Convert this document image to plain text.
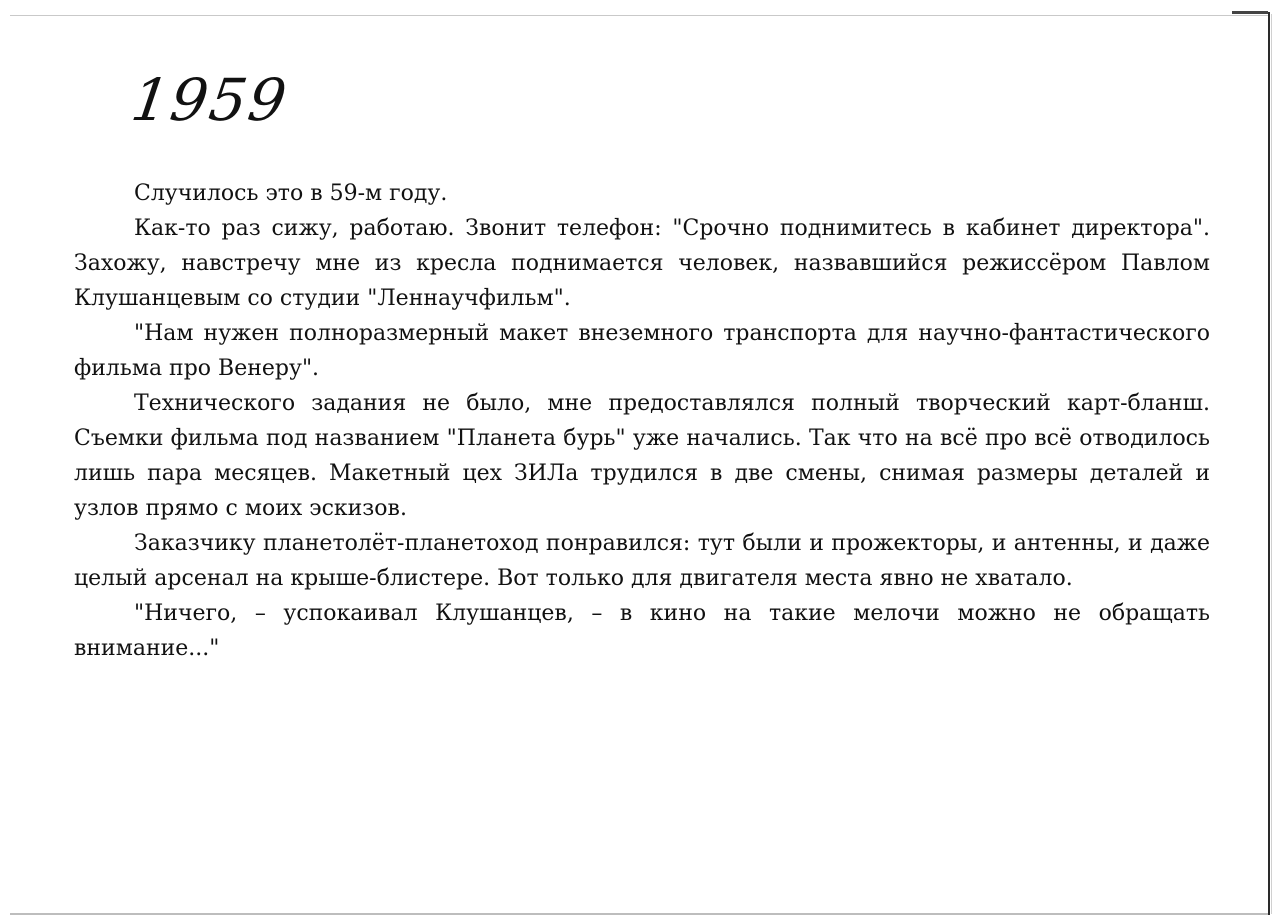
1959

Случилось это в 59-м году.

Как-то раз сижу, работаю. Звонит телефон: "Срочно поднимитесь в кабинет директора". Захожу, навстречу мне из кресла поднимается человек, назвавшийся режиссёром Павлом Клушанцевым со студии "Леннаучфильм".

"Нам нужен полноразмерный макет внеземного транспорта для научно-фантастического фильма про Венеру".

Технического задания не было, мне предоставлялся полный творческий карт-бланш. Съемки фильма под названием "Планета бурь" уже начались. Так что на всё про всё отводилось лишь пара месяцев. Макетный цех ЗИЛа трудился в две смены, снимая размеры деталей и узлов прямо с моих эскизов.

Заказчику планетолёт-планетоход понравился: тут были и прожекторы, и антенны, и даже целый арсенал на крыше-блистере. Вот только для двигателя места явно не хватало.

"Ничего, – успокаивал Клушанцев, – в кино на такие мелочи можно не обращать внимание..."
